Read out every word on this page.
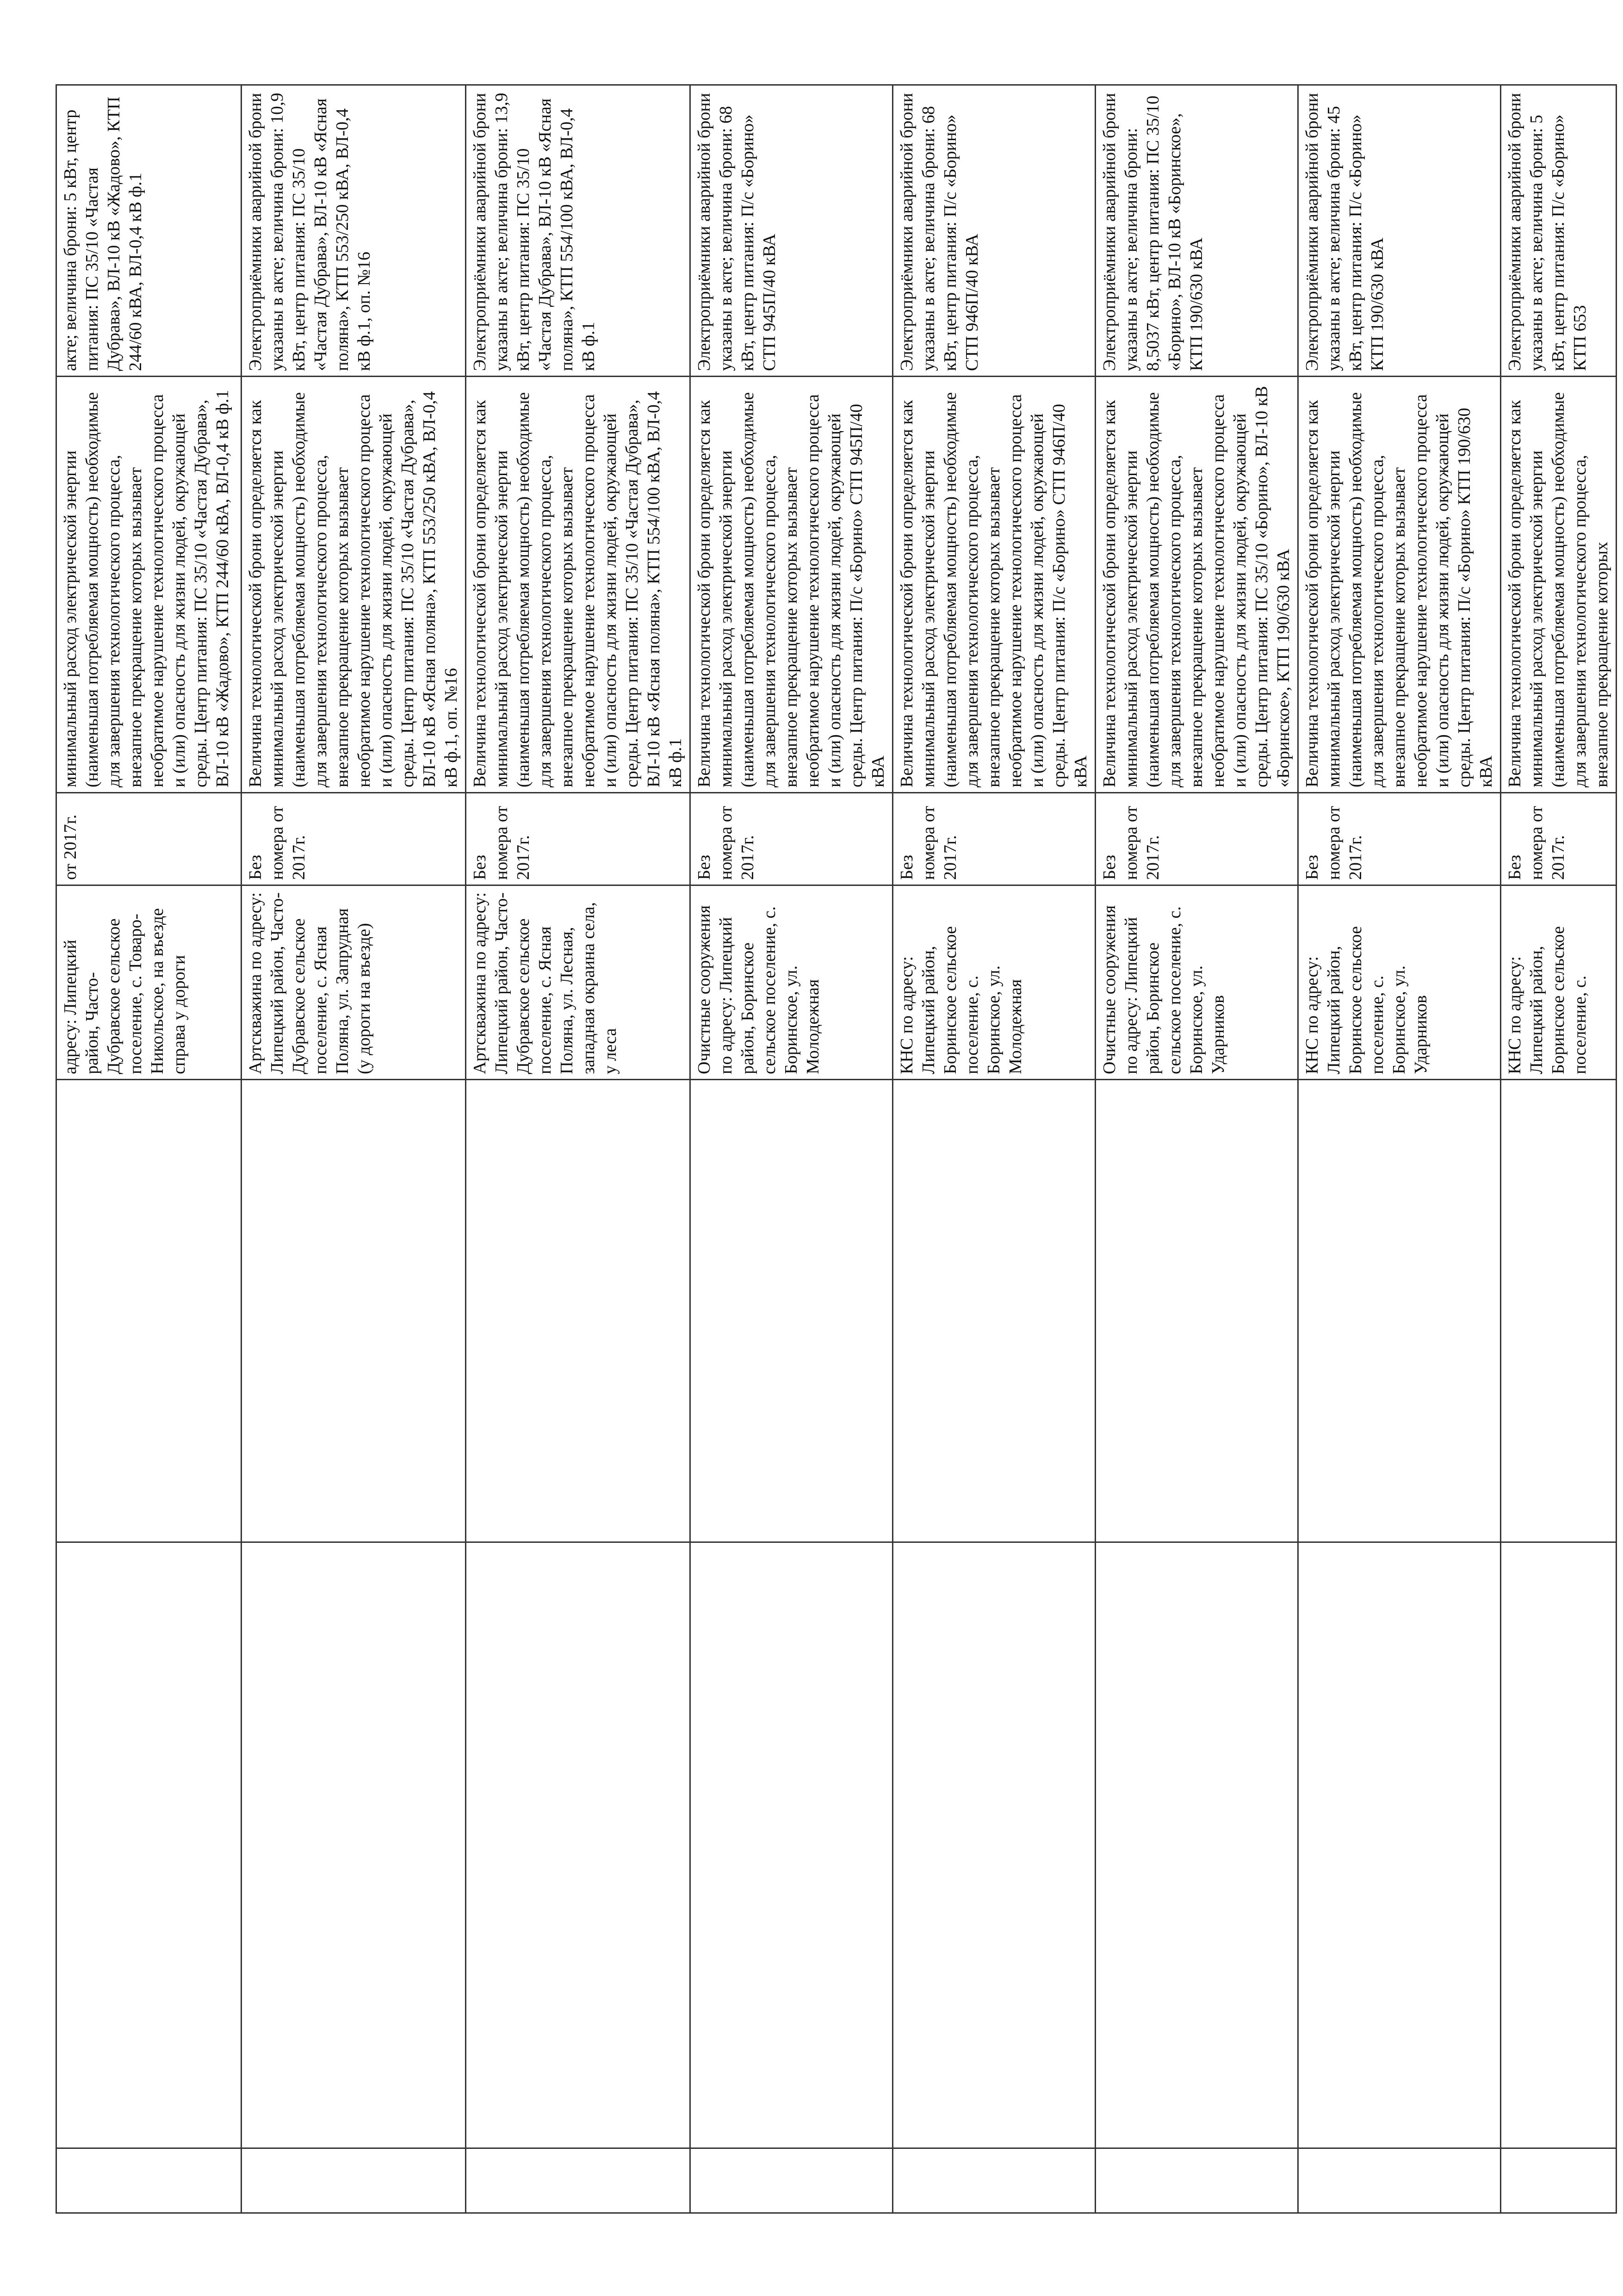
			адресу: Липецкий район, Часто-Дубравское сельское поселение, с. Товаро-Никольское, на въезде справа у дороги	от 2017г.	минимальный расход электрической энергии (наименьшая потребляемая мощность) необходимые для завершения технологического процесса, внезапное прекращение которых вызывает необратимое нарушение технологического процесса и (или) опасность для жизни людей, окружающей среды. Центр питания: ПС 35/10 «Частая Дубрава», ВЛ-10 кВ «Жадово», КТП 244/60 кВА, ВЛ-0,4 кВ ф.1	акте; величина брони: 5 кВт, центр питания: ПС 35/10 «Частая Дубрава», ВЛ-10 кВ «Жадово», КТП 244/60 кВА, ВЛ-0,4 кВ ф.1

			Артскважина по адресу: Липецкий район, Часто-Дубравское сельское поселение, с. Ясная Поляна, ул. Запрудная (у дороги на въезде)	Без номера от 2017г.	Величина технологической брони определяется как минимальный расход электрической энергии (наименьшая потребляемая мощность) необходимые для завершения технологического процесса, внезапное прекращение которых вызывает необратимое нарушение технологического процесса и (или) опасность для жизни людей, окружающей среды. Центр питания: ПС 35/10 «Частая Дубрава», ВЛ-10 кВ «Ясная поляна», КТП 553/250 кВА, ВЛ-0,4 кВ ф.1, оп. №16	Электроприёмники аварийной брони указаны в акте; величина брони: 10,9 кВт, центр питания: ПС 35/10 «Частая Дубрава», ВЛ-10 кВ «Ясная поляна», КТП 553/250 кВА, ВЛ-0,4 кВ ф.1, оп. №16

			Артскважина по адресу: Липецкий район, Часто-Дубравское сельское поселение, с. Ясная Поляна, ул. Лесная, западная окраина села, у леса	Без номера от 2017г.	Величина технологической брони определяется как минимальный расход электрической энергии (наименьшая потребляемая мощность) необходимые для завершения технологического процесса, внезапное прекращение которых вызывает необратимое нарушение технологического процесса и (или) опасность для жизни людей, окружающей среды. Центр питания: ПС 35/10 «Частая Дубрава», ВЛ-10 кВ «Ясная поляна», КТП 554/100 кВА, ВЛ-0,4 кВ ф.1	Электроприёмники аварийной брони указаны в акте; величина брони: 13,9 кВт, центр питания: ПС 35/10 «Частая Дубрава», ВЛ-10 кВ «Ясная поляна», КТП 554/100 кВА, ВЛ-0,4 кВ ф.1

			Очистные сооружения по адресу: Липецкий район, Боринское сельское поселение, с. Боринское, ул. Молодежная	Без номера от 2017г.	Величина технологической брони определяется как минимальный расход электрической энергии (наименьшая потребляемая мощность) необходимые для завершения технологического процесса, внезапное прекращение которых вызывает необратимое нарушение технологического процесса и (или) опасность для жизни людей, окружающей среды. Центр питания: П/с «Борино» СТП 945П/40 кВА	Электроприёмники аварийной брони указаны в акте; величина брони: 68 кВт, центр питания: П/с «Борино» СТП 945П/40 кВА

			КНС по адресу: Липецкий район, Боринское сельское поселение, с. Боринское, ул. Молодежная	Без номера от 2017г.	Величина технологической брони определяется как минимальный расход электрической энергии (наименьшая потребляемая мощность) необходимые для завершения технологического процесса, внезапное прекращение которых вызывает необратимое нарушение технологического процесса и (или) опасность для жизни людей, окружающей среды. Центр питания: П/с «Борино» СТП 946П/40 кВА	Электроприёмники аварийной брони указаны в акте; величина брони: 68 кВт, центр питания: П/с «Борино» СТП 946П/40 кВА

			Очистные сооружения по адресу: Липецкий район, Боринское сельское поселение, с. Боринское, ул. Ударников	Без номера от 2017г.	Величина технологической брони определяется как минимальный расход электрической энергии (наименьшая потребляемая мощность) необходимые для завершения технологического процесса, внезапное прекращение которых вызывает необратимое нарушение технологического процесса и (или) опасность для жизни людей, окружающей среды. Центр питания: ПС 35/10 «Борино», ВЛ-10 кВ «Боринское», КТП 190/630 кВА	Электроприёмники аварийной брони указаны в акте; величина брони: 8,5037 кВт, центр питания: ПС 35/10 «Борино», ВЛ-10 кВ «Боринское», КТП 190/630 кВА

			КНС по адресу: Липецкий район, Боринское сельское поселение, с. Боринское, ул. Ударников	Без номера от 2017г.	Величина технологической брони определяется как минимальный расход электрической энергии (наименьшая потребляемая мощность) необходимые для завершения технологического процесса, внезапное прекращение которых вызывает необратимое нарушение технологического процесса и (или) опасность для жизни людей, окружающей среды. Центр питания: П/с «Борино» КТП 190/630 кВА	Электроприёмники аварийной брони указаны в акте; величина брони: 45 кВт, центр питания: П/с «Борино» КТП 190/630 кВА

			КНС по адресу: Липецкий район, Боринское сельское поселение, с.	Без номера от 2017г.	Величина технологической брони определяется как минимальный расход электрической энергии (наименьшая потребляемая мощность) необходимые для завершения технологического процесса, внезапное прекращение которых	Электроприёмники аварийной брони указаны в акте; величина брони: 5 кВт, центр питания: П/с «Борино» КТП 653
